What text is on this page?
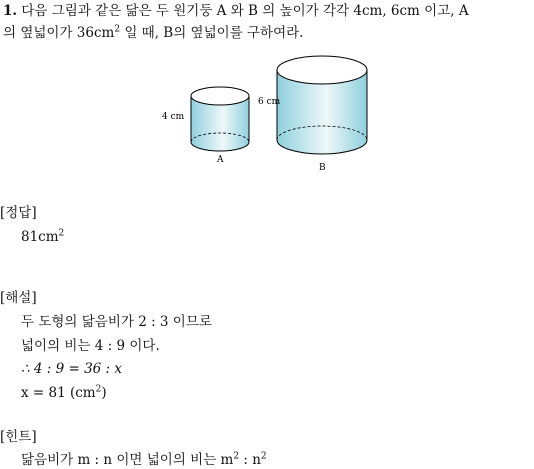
1. 다음 그림과 같은 닮은 두 원기둥 A 와 B 의 높이가 각각 4cm, 6cm 이고, A
의 옆넓이가 $36cm^2$ 일 때, B의 옆넓이를 구하여라.
4 cm
A
6 cm
B
[정답]
$81cm^2$
[해설]
두 도형의 닮음비가 2 : 3 이므로
넓이의 비는 4 : 9 이다.
∴ 4 : 9 = 36 : x
x = 81 $(cm^2)$
[힌트]
닮음비가 m : n 이면 넓이의 비는 $m^2$ : $n^2$
